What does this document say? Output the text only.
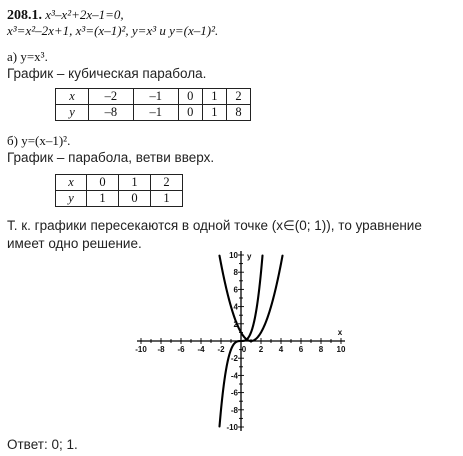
208.1. x³–x²+2x–1=0,
x³=x²–2x+1, x³=(x–1)², y=x³ и y=(x–1)².
а) y=x³.
График – кубическая парабола.
x	–2	–1	0	1	2
y	–8	–1	0	1	8
б) y=(x–1)².
График – парабола, ветви вверх.
x	0	1	2
y	1	0	1
Т. к. графики пересекаются в одной точке (x∈(0; 1)), то уравнение
имеет одно решение.
-10 -8 -6 -4 -2 0 2 4 6 8 10
10
8
6
4
2
-2
-4
-6
-8
-10
x
y
Ответ: 0; 1.
